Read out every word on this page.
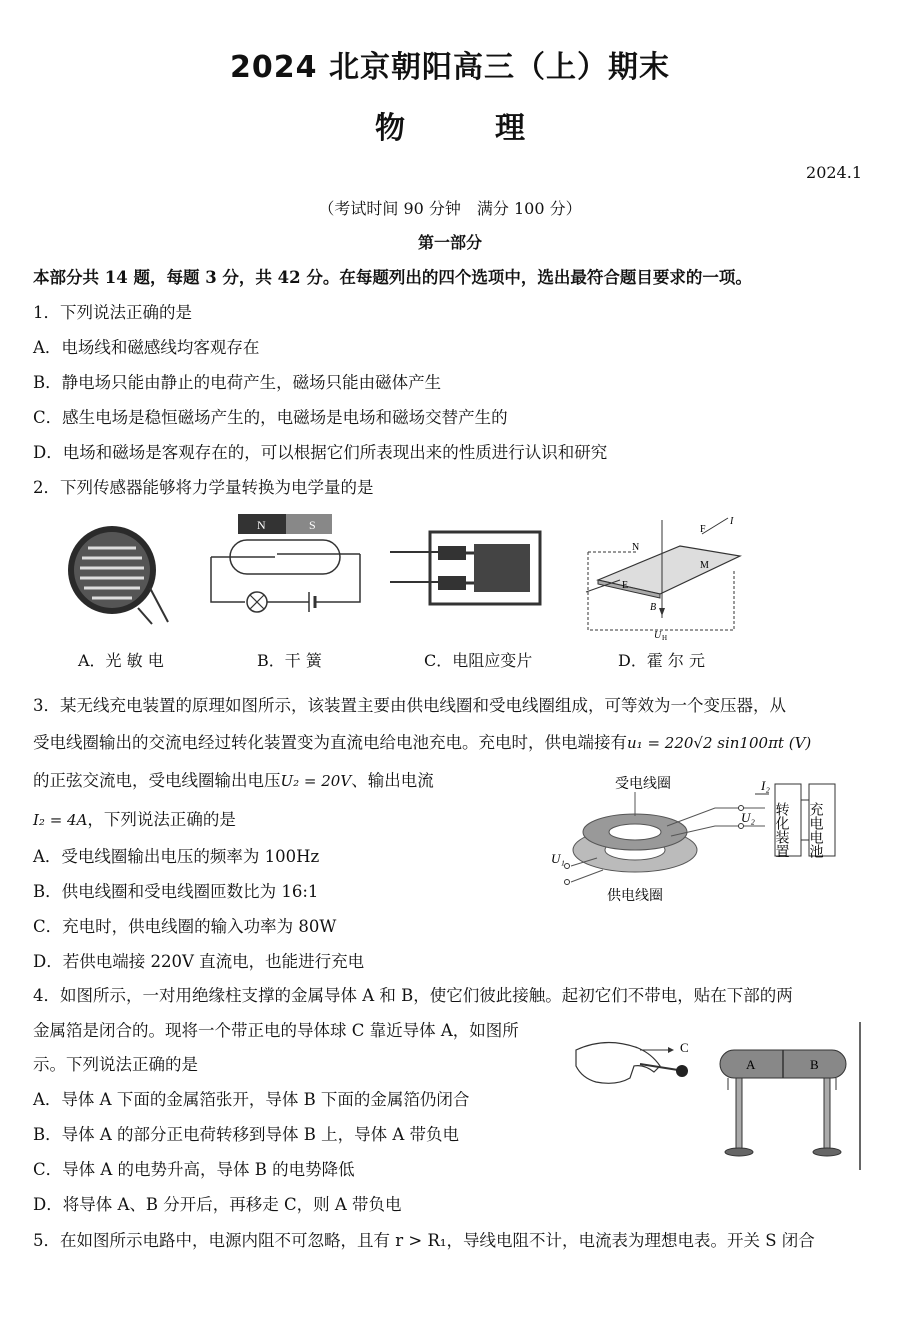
2024 北京朝阳高三（上）期末
物　理
2024.1
（考试时间 90 分钟　满分 100 分）
第一部分
本部分共 14 题，每题 3 分，共 42 分。在每题列出的四个选项中，选出最符合题目要求的一项。
1．下列说法正确的是
A．电场线和磁感线均客观存在
B．静电场只能由静止的电荷产生，磁场只能由磁体产生
C．感生电场是稳恒磁场产生的，电磁场是电场和磁场交替产生的
D．电场和磁场是客观存在的，可以根据它们所表现出来的性质进行认识和研究
2．下列传感器能够将力学量转换为电学量的是
A．光 敏 电
N	S
B．干 簧	C．电阻应变片
N
F
I
M
E
B
U H
D．霍 尔 元
3．某无线充电装置的原理如图所示，该装置主要由供电线圈和受电线圈组成，可等效为一个变压器，从
受电线圈输出的交流电经过转化装置变为直流电给电池充电。充电时，供电端接有u₁ = 220√2 sin100πt (V)
的正弦交流电，受电线圈输出电压U₂ = 20V、输出电流
I₂ = 4A，下列说法正确的是
A．受电线圈输出电压的频率为 100Hz
B．供电线圈和受电线圈匝数比为 16:1
C．充电时，供电线圈的输入功率为 80W
D．若供电端接 220V 直流电，也能进行充电
受电线圈	I₂
U₂ 转化装置 充电电池
U₁
供电线圈
4．如图所示，一对用绝缘柱支撑的金属导体 A 和 B，使它们彼此接触。起初它们不带电，贴在下部的两
金属箔是闭合的。现将一个带正电的导体球 C 靠近导体 A，如图所
示。下列说法正确的是
A．导体 A 下面的金属箔张开，导体 B 下面的金属箔仍闭合
B．导体 A 的部分正电荷转移到导体 B 上，导体 A 带负电
C．导体 A 的电势升高，导体 B 的电势降低
D．将导体 A、B 分开后，再移走 C，则 A 带负电
C
A	B
5．在如图所示电路中，电源内阻不可忽略，且有 r > R₁，导线电阻不计，电流表为理想电表。开关 S 闭合
